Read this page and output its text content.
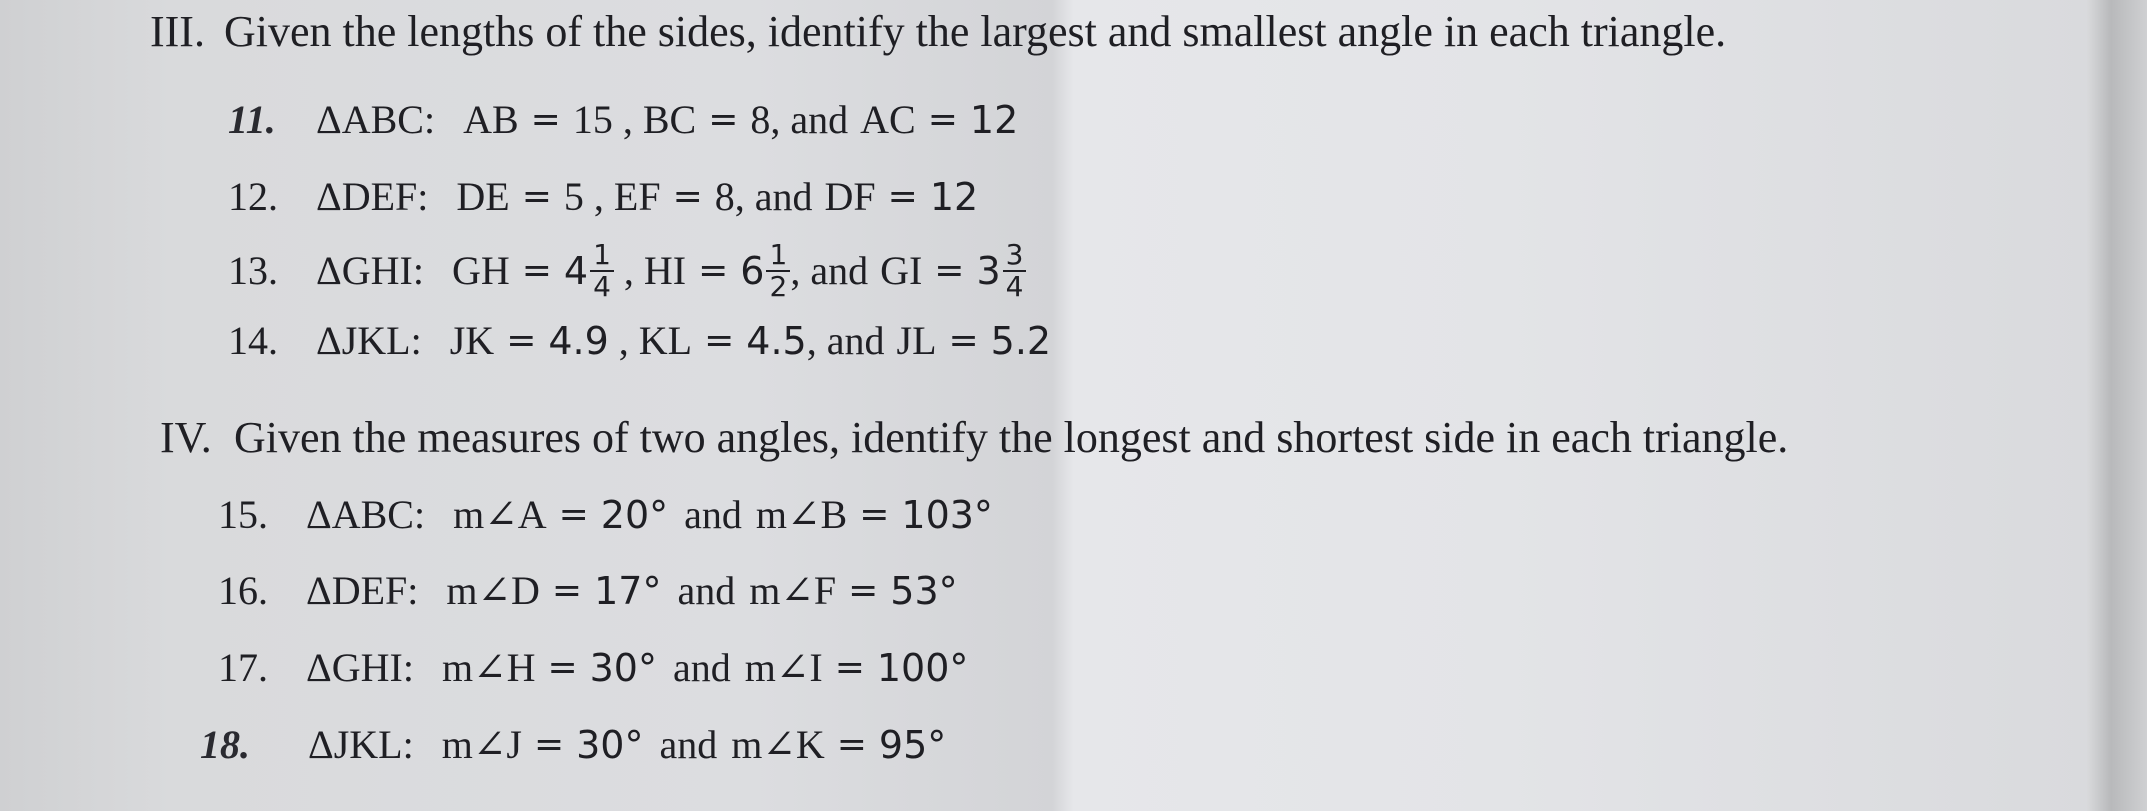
III. Given the lengths of the sides, identify the largest and smallest angle in each triangle.
11.	ΔABC: AB = 15 , BC = 8 , and AC = 12
12. ΔDEF: DE = 5 , EF = 8 , and DF = 12
13. ΔGHI: GH = $4 \frac{1}{4}$ , HI = $6 \frac{1}{2}$ , and GI = $3 \frac{3}{4}$
14. ΔJKL: JK = 4.9 , KL = 4.5 , and JL = 5.2
IV. Given the measures of two angles, identify the longest and shortest side in each triangle.
15. ΔABC: m∠A = 20° and m∠B = 103°
16. ΔDEF: m∠D = 17° and m∠F = 53°
17. ΔGHI: m∠H = 30° and m∠I = 100°
18.	ΔJKL: m∠J = 30° and m∠K = 95°
